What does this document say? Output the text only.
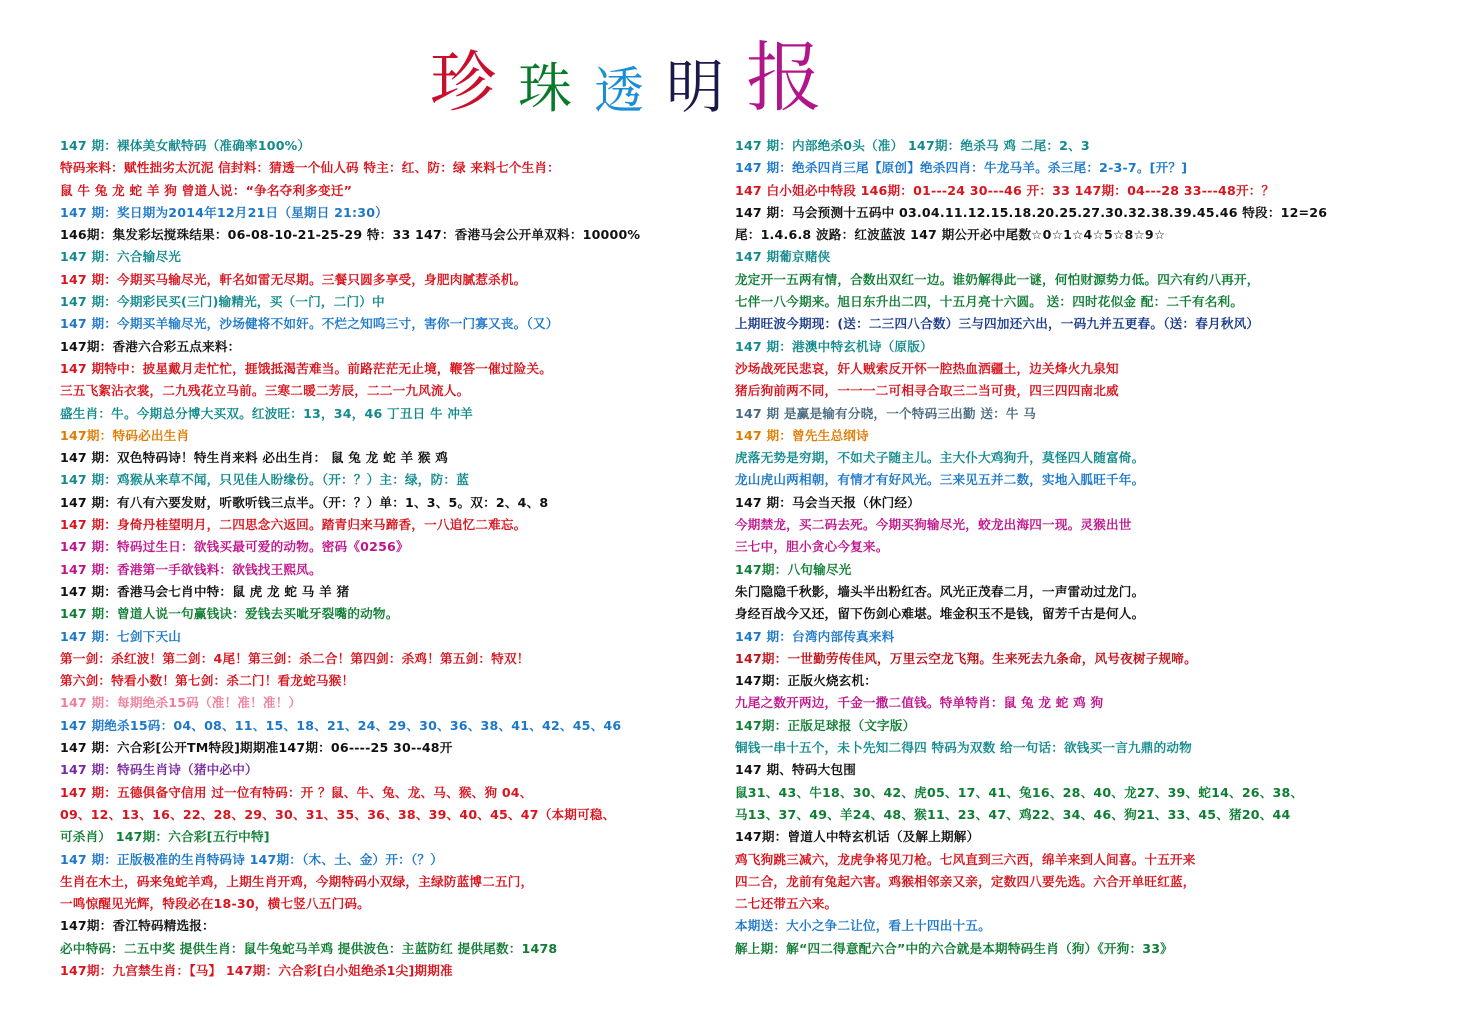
珍 珠 透 明 报
147 期：裸体美女献特码（准确率100%）
特码来料：赋性拙劣太沉泥 信封料：猜透一个仙人码 特主：红、防：绿 来料七个生肖：
鼠 牛 兔 龙 蛇 羊 狗 曾道人说：“争名夺利多变迁”
147 期：奖日期为2014年12月21日（星期日 21:30）
146期：集发彩坛搅珠结果：06-08-10-21-25-29 特：33 147：香港马会公开单双料：10000%
147 期：六合输尽光
147 期：今期买马输尽光，軒名如雷无尽期。三餐只圆多享受，身肥肉腻惹杀机。
147 期：今期彩民买(三门)输精光，买（一门，二门）中
147 期：今期买羊输尽光，沙场健将不如奸。不烂之知呜三寸，害你一门寡又丧。（又）
147期：香港六合彩五点来料：
147 期特中：披星戴月走忙忙，捱饿抵渴苦难当。前路茫茫无止境，鞭答一催过险关。
三五飞絮沾衣裳，二九残花立马前。三寒二暖二芳辰，二二一九风流人。
盛生肖：牛。今期总分博大买双。红波旺：13，34，46 丁丑日 牛 冲羊
147期：特码必出生肖
147 期：双色特码诗！特生肖来料 必出生肖： 鼠 兔 龙 蛇 羊 猴 鸡
147 期：鸡猴从来草不闻，只见佳人盼缘份。（开：？）主：绿，防：蓝
147 期：有八有六要发财，听歌听钱三点半。（开：？）单：1、3、5。双：2、4、8
147 期：身倚丹桂望明月，二四思念六返回。踏青归来马蹄香，一八追忆二难忘。
147 期：特码过生日：欲钱买最可爱的动物。密码《0256》
147 期：香港第一手欲钱料：欲钱找王熙凤。
147 期：香港马会七肖中特：鼠 虎 龙 蛇 马 羊 猪
147 期：曾道人说一句赢钱诀：爱钱去买呲牙裂嘴的动物。
147 期：七剑下天山
第一剑：杀红波！第二剑：4尾！第三剑：杀二合！第四剑：杀鸡！第五剑：特双！
第六剑：特看小数！第七剑：杀二门！看龙蛇马猴！
147 期：每期绝杀15码（准！准！准！）
147 期绝杀15码：04、08、11、15、18、21、24、29、30、36、38、41、42、45、46
147 期：六合彩[公开TM特段]期期准147期：06----25 30--48开
147 期：特码生肖诗（猪中必中）
147 期：五德俱备守信用 过一位有特码：开 ？鼠、牛、兔、龙、马、猴、狗 04、
09、12、13、16、22、28、29、30、31、35、36、38、39、40、45、47（本期可稳、
可杀肖） 147期：六合彩[五行中特]
147 期：正版极准的生肖特码诗 147期：（木、土、金）开：（？）
生肖在木土，码来兔蛇羊鸡，上期生肖开鸡，今期特码小双绿，主绿防蓝博二五门，
一鸣惊醒见光辉，特段必在18-30，横七竖八五门码。
147期：香江特码精选报：
必中特码：二五中奖 提供生肖：鼠牛兔蛇马羊鸡 提供波色：主蓝防红 提供尾数：1478
147期：九宫禁生肖：【马】 147期：六合彩[白小姐绝杀1尖]期期准
147 期：内部绝杀0头（准） 147期：绝杀马 鸡 二尾：2、3
147 期：绝杀四肖三尾【原创】绝杀四肖：牛龙马羊。杀三尾：2-3-7。[开？]
147 白小姐必中特段 146期：01---24 30---46 开：33 147期：04---28 33---48开：？
147 期：马会预测十五码中 03.04.11.12.15.18.20.25.27.30.32.38.39.45.46 特段：12=26
尾：1.4.6.8 波路：红波蓝波 147 期公开必中尾数☆0☆1☆4☆5☆8☆9☆
147 期葡京赌侠
龙定开一五两有情，合数出双红一边。谁奶解得此一谜，何怕财源势力低。四六有约八再开，
七伴一八今期来。旭日东升出二四，十五月亮十六圆。 送：四时花似金 配：二千有名利。
上期旺波今期现：(送：二三四八合数）三与四加还六出，一码九并五更春。（送：春月秋风）
147 期：港澳中特玄机诗（原版）
沙场战死民悲哀，奸人贼索反开怀一腔热血洒疆土，边关烽火九泉知
猪后狗前两不同，一一一二可相寻合取三二当可贵，四三四四南北威
147 期 是赢是输有分晓，一个特码三出勤 送：牛 马
147 期：曾先生总纲诗
虎落无势是穷期，不如犬子随主儿。主大仆大鸡狗升，莫怪四人随富倚。
龙山虎山两相朝，有情才有好风光。三来见五并二数，实地入胍旺千年。
147 期：马会当天报（休门经）
今期禁龙，买二码去死。今期买狗输尽光，蛟龙出海四一现。灵猴出世
三七中，胆小贪心今复来。
147期：八句输尽光
朱门隐隐千秋影，墙头半出粉红杏。风光正茂春二月，一声雷动过龙门。
身经百战今又还，留下伤剑心难堪。堆金积玉不是钱，留芳千古是何人。
147 期：台湾内部传真来料
147期：一世勤劳传佳风，万里云空龙飞翔。生来死去九条命，风号夜树子规啼。
147期：正版火烧玄机：
九尾之数开两边，千金一撒二值钱。特单特肖：鼠 兔 龙 蛇 鸡 狗
147期：正版足球报（文字版）
铜钱一串十五个，未卜先知二得四 特码为双数 给一句话：欲钱买一言九鼎的动物
147 期、特码大包围
鼠31、43、牛18、30、42、虎05、17、41、兔16、28、40、龙27、39、蛇14、26、38、
马13、37、49、羊24、48、猴11、23、47、鸡22、34、46、狗21、33、45、猪20、44
147期：曾道人中特玄机话（及解上期解）
鸡飞狗跳三减六，龙虎争将见刀枪。七风直到三六西，绵羊来到人间喜。十五开来
四二合，龙前有兔起六害。鸡猴相邻亲又亲，定数四八要先选。六合开单旺红蓝，
二七还带五六来。
本期送：大小之争二让位，看上十四出十五。
解上期：解“四二得意配六合”中的六合就是本期特码生肖（狗）《开狗：33》
